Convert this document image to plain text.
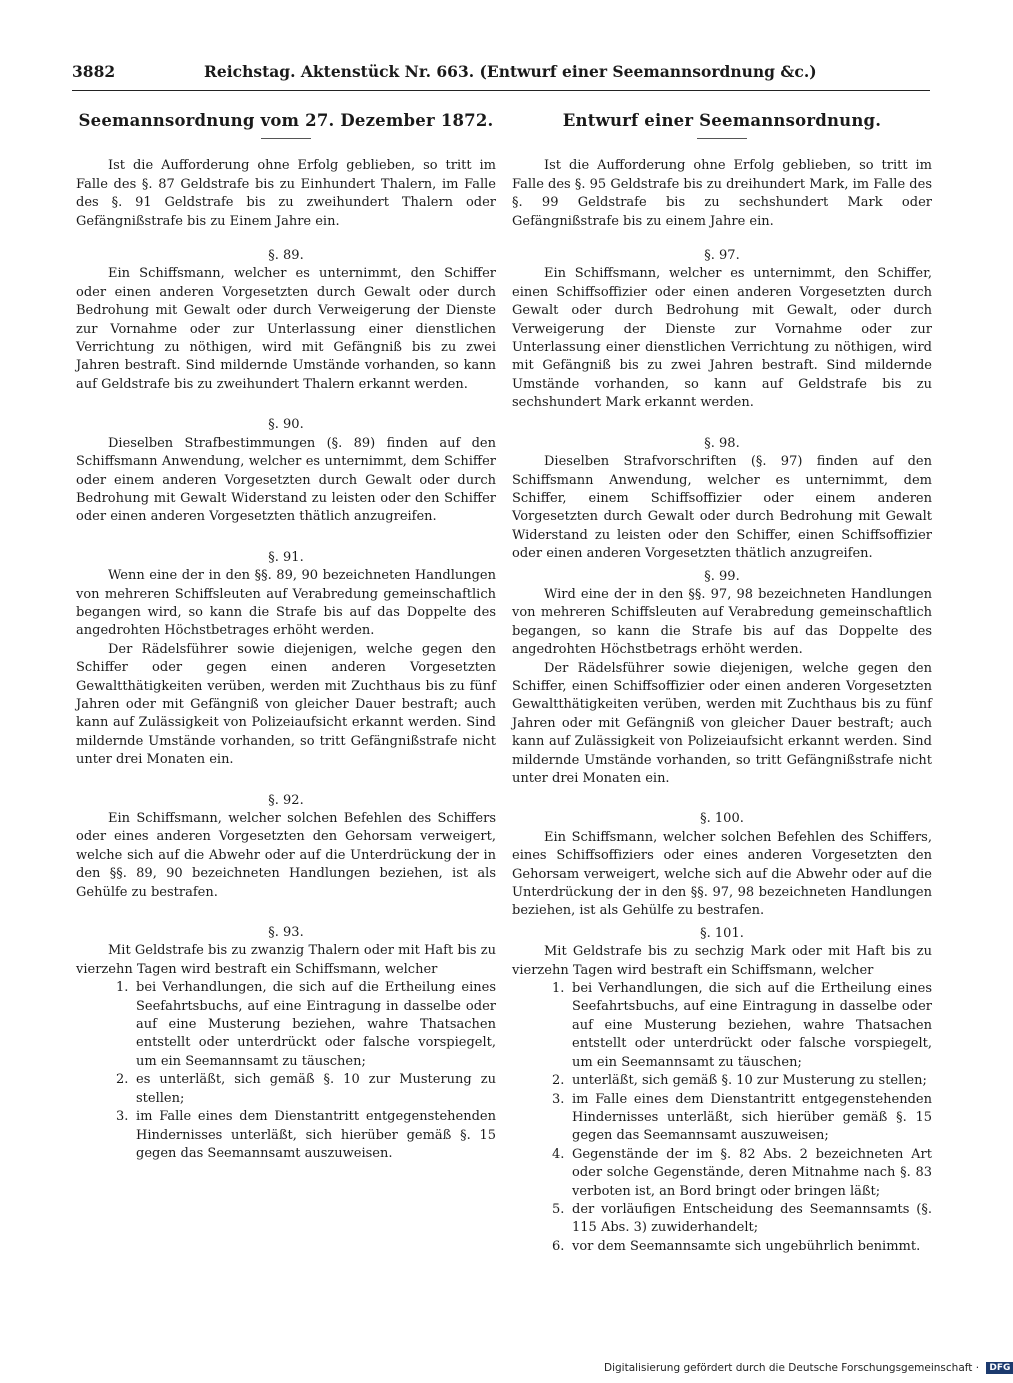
3882	Reichstag. Aktenstück Nr. 663. (Entwurf einer Seemannsordnung &c.)
Seemannsordnung vom 27. Dezember 1872.

Ist die Aufforderung ohne Erfolg geblieben, so tritt im Falle des §. 87 Geldstrafe bis zu Einhundert Thalern, im Falle des §. 91 Geldstrafe bis zu zweihundert Thalern oder Gefängnißstrafe bis zu Einem Jahre ein.

§. 89.

Ein Schiffsmann, welcher es unternimmt, den Schiffer oder einen anderen Vorgesetzten durch Gewalt oder durch Bedrohung mit Gewalt oder durch Verweigerung der Dienste zur Vornahme oder zur Unterlassung einer dienstlichen Verrichtung zu nöthigen, wird mit Gefängniß bis zu zwei Jahren bestraft. Sind mildernde Umstände vorhanden, so kann auf Geldstrafe bis zu zweihundert Thalern erkannt werden.

§. 90.

Dieselben Strafbestimmungen (§. 89) finden auf den Schiffsmann Anwendung, welcher es unternimmt, dem Schiffer oder einem anderen Vorgesetzten durch Gewalt oder durch Bedrohung mit Gewalt Widerstand zu leisten oder den Schiffer oder einen anderen Vorgesetzten thätlich anzugreifen.

§. 91.

Wenn eine der in den §§. 89, 90 bezeichneten Handlungen von mehreren Schiffsleuten auf Verabredung gemeinschaftlich begangen wird, so kann die Strafe bis auf das Doppelte des angedrohten Höchstbetrages erhöht werden.

Der Rädelsführer sowie diejenigen, welche gegen den Schiffer oder gegen einen anderen Vorgesetzten Gewaltthätigkeiten verüben, werden mit Zuchthaus bis zu fünf Jahren oder mit Gefängniß von gleicher Dauer bestraft; auch kann auf Zulässigkeit von Polizeiaufsicht erkannt werden. Sind mildernde Umstände vorhanden, so tritt Gefängnißstrafe nicht unter drei Monaten ein.

§. 92.

Ein Schiffsmann, welcher solchen Befehlen des Schiffers oder eines anderen Vorgesetzten den Gehorsam verweigert, welche sich auf die Abwehr oder auf die Unterdrückung der in den §§. 89, 90 bezeichneten Handlungen beziehen, ist als Gehülfe zu bestrafen.

§. 93.

Mit Geldstrafe bis zu zwanzig Thalern oder mit Haft bis zu vierzehn Tagen wird bestraft ein Schiffsmann, welcher

1. bei Verhandlungen, die sich auf die Ertheilung eines Seefahrtsbuchs, auf eine Eintragung in dasselbe oder auf eine Musterung beziehen, wahre Thatsachen entstellt oder unterdrückt oder falsche vorspiegelt, um ein Seemannsamt zu täuschen;
2. es unterläßt, sich gemäß §. 10 zur Musterung zu stellen;
3. im Falle eines dem Dienstantritt entgegenstehenden Hindernisses unterläßt, sich hierüber gemäß §. 15 gegen das Seemannsamt auszuweisen.
Entwurf einer Seemannsordnung.

Ist die Aufforderung ohne Erfolg geblieben, so tritt im Falle des §. 95 Geldstrafe bis zu dreihundert Mark, im Falle des §. 99 Geldstrafe bis zu sechshundert Mark oder Gefängnißstrafe bis zu einem Jahre ein.

§. 97.

Ein Schiffsmann, welcher es unternimmt, den Schiffer, einen Schiffsoffizier oder einen anderen Vorgesetzten durch Gewalt oder durch Bedrohung mit Gewalt, oder durch Verweigerung der Dienste zur Vornahme oder zur Unterlassung einer dienstlichen Verrichtung zu nöthigen, wird mit Gefängniß bis zu zwei Jahren bestraft. Sind mildernde Umstände vorhanden, so kann auf Geldstrafe bis zu sechshundert Mark erkannt werden.

§. 98.

Dieselben Strafvorschriften (§. 97) finden auf den Schiffsmann Anwendung, welcher es unternimmt, dem Schiffer, einem Schiffsoffizier oder einem anderen Vorgesetzten durch Gewalt oder durch Bedrohung mit Gewalt Widerstand zu leisten oder den Schiffer, einen Schiffsoffizier oder einen anderen Vorgesetzten thätlich anzugreifen.

§. 99.

Wird eine der in den §§. 97, 98 bezeichneten Handlungen von mehreren Schiffsleuten auf Verabredung gemeinschaftlich begangen, so kann die Strafe bis auf das Doppelte des angedrohten Höchstbetrags erhöht werden.

Der Rädelsführer sowie diejenigen, welche gegen den Schiffer, einen Schiffsoffizier oder einen anderen Vorgesetzten Gewaltthätigkeiten verüben, werden mit Zuchthaus bis zu fünf Jahren oder mit Gefängniß von gleicher Dauer bestraft; auch kann auf Zulässigkeit von Polizeiaufsicht erkannt werden. Sind mildernde Umstände vorhanden, so tritt Gefängnißstrafe nicht unter drei Monaten ein.

§. 100.

Ein Schiffsmann, welcher solchen Befehlen des Schiffers, eines Schiffsoffiziers oder eines anderen Vorgesetzten den Gehorsam verweigert, welche sich auf die Abwehr oder auf die Unterdrückung der in den §§. 97, 98 bezeichneten Handlungen beziehen, ist als Gehülfe zu bestrafen.

§. 101.

Mit Geldstrafe bis zu sechzig Mark oder mit Haft bis zu vierzehn Tagen wird bestraft ein Schiffsmann, welcher

1. bei Verhandlungen, die sich auf die Ertheilung eines Seefahrtsbuchs, auf eine Eintragung in dasselbe oder auf eine Musterung beziehen, wahre Thatsachen entstellt oder unterdrückt oder falsche vorspiegelt, um ein Seemannsamt zu täuschen;
2. unterläßt, sich gemäß §. 10 zur Musterung zu stellen;
3. im Falle eines dem Dienstantritt entgegenstehenden Hindernisses unterläßt, sich hierüber gemäß §. 15 gegen das Seemannsamt auszuweisen;
4. Gegenstände der im §. 82 Abs. 2 bezeichneten Art oder solche Gegenstände, deren Mitnahme nach §. 83 verboten ist, an Bord bringt oder bringen läßt;
5. der vorläufigen Entscheidung des Seemannsamts (§. 115 Abs. 3) zuwiderhandelt;
6. vor dem Seemannsamte sich ungebührlich benimmt.
Digitalisierung gefördert durch die Deutsche Forschungsgemeinschaft · DFG
